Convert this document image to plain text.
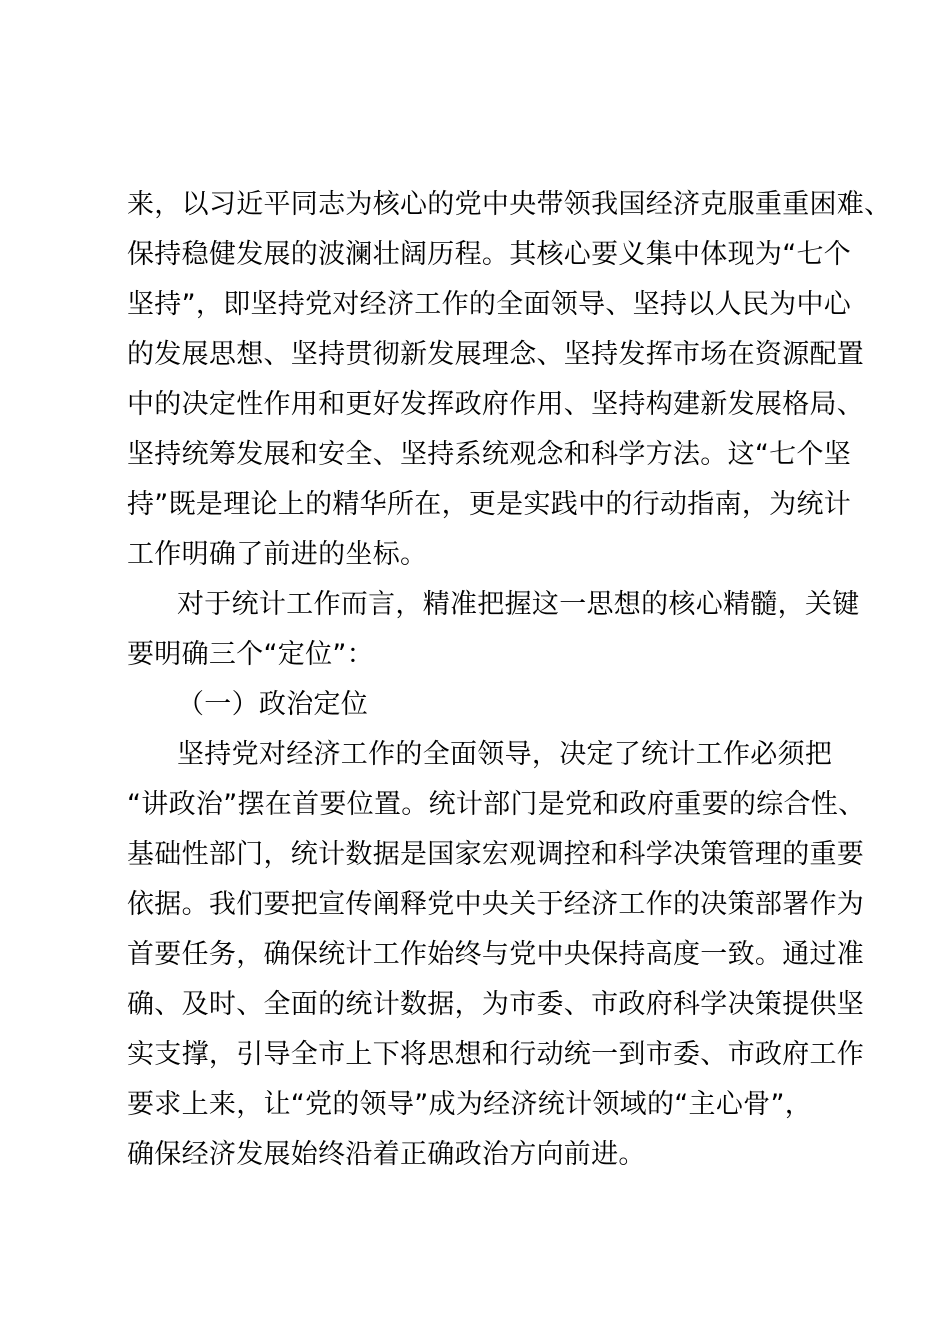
来，以习近平同志为核心的党中央带领我国经济克服重重困难、
保持稳健发展的波澜壮阔历程。其核心要义集中体现为“七个
坚持”，即坚持党对经济工作的全面领导、坚持以人民为中心
的发展思想、坚持贯彻新发展理念、坚持发挥市场在资源配置
中的决定性作用和更好发挥政府作用、坚持构建新发展格局、
坚持统筹发展和安全、坚持系统观念和科学方法。这“七个坚
持”既是理论上的精华所在，更是实践中的行动指南，为统计
工作明确了前进的坐标。
对于统计工作而言，精准把握这一思想的核心精髓，关键
要明确三个“定位”：
（一）政治定位
坚持党对经济工作的全面领导，决定了统计工作必须把
“讲政治”摆在首要位置。统计部门是党和政府重要的综合性、
基础性部门，统计数据是国家宏观调控和科学决策管理的重要
依据。我们要把宣传阐释党中央关于经济工作的决策部署作为
首要任务，确保统计工作始终与党中央保持高度一致。通过准
确、及时、全面的统计数据，为市委、市政府科学决策提供坚
实支撑，引导全市上下将思想和行动统一到市委、市政府工作
要求上来，让“党的领导”成为经济统计领域的“主心骨”，
确保经济发展始终沿着正确政治方向前进。
